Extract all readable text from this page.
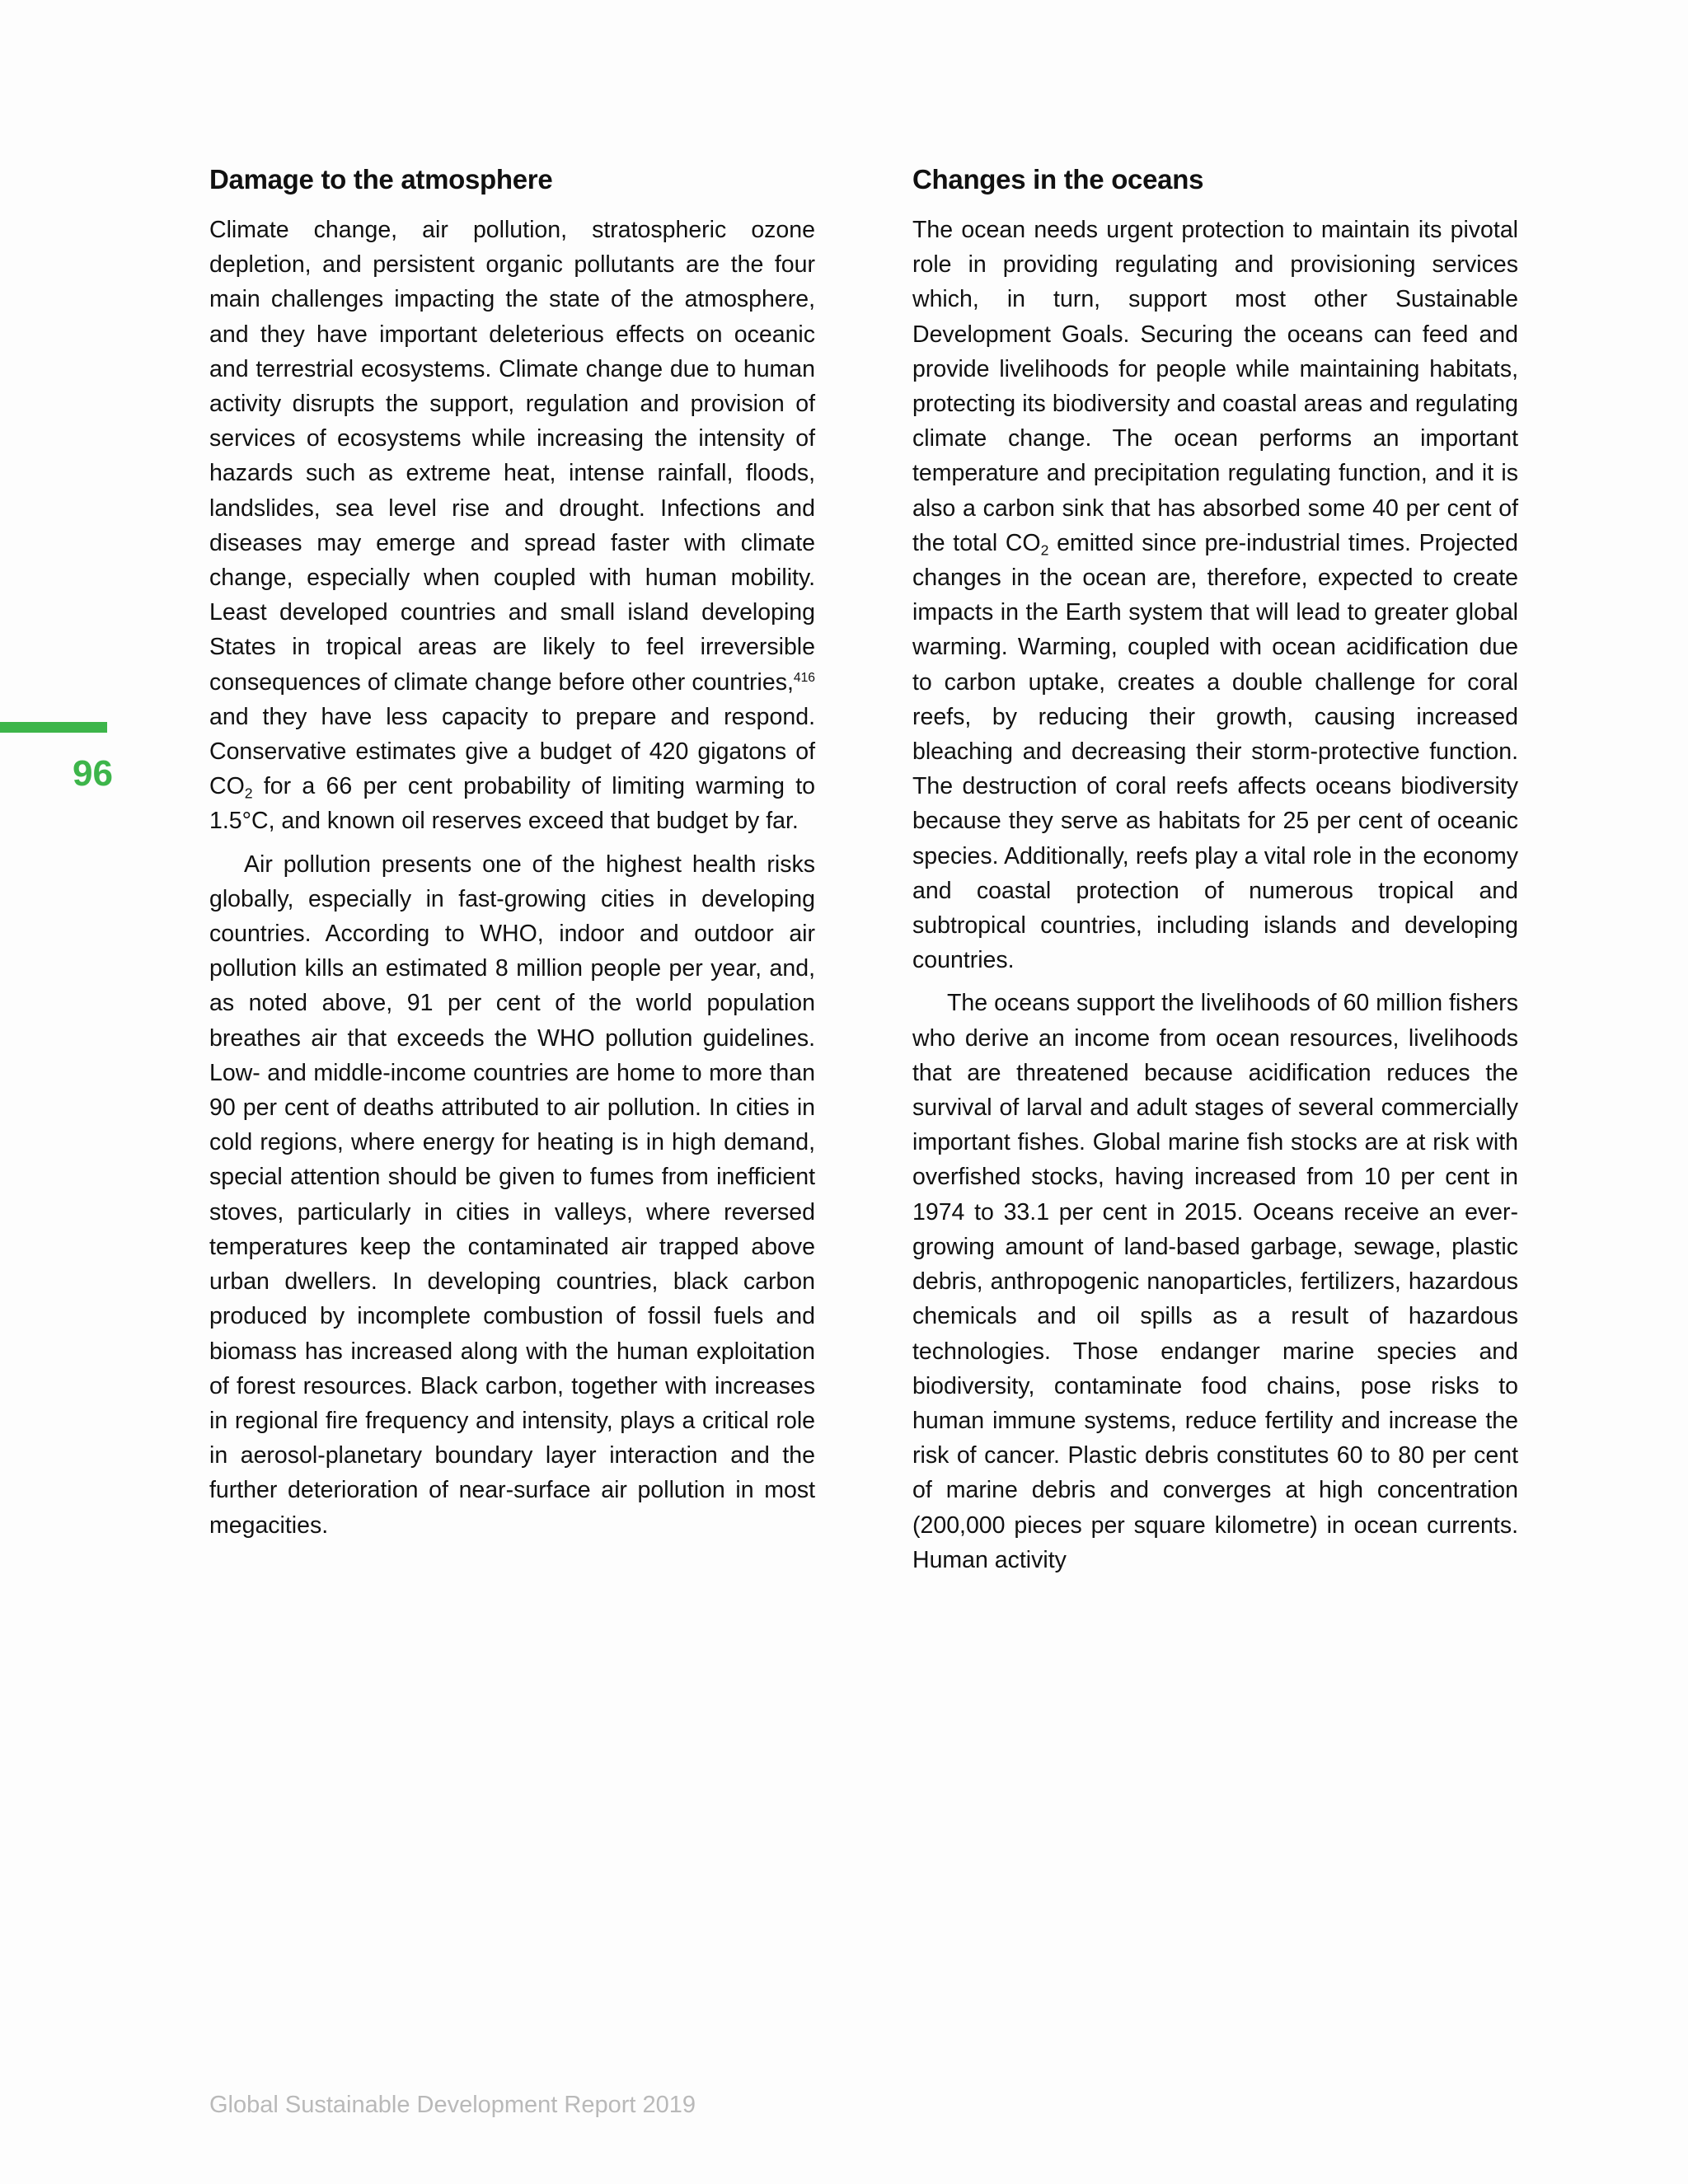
96
Damage to the atmosphere

Climate change, air pollution, stratospheric ozone depletion, and persistent organic pollutants are the four main challenges impacting the state of the atmosphere, and they have important deleterious effects on oceanic and terrestrial ecosystems. Climate change due to human activity disrupts the support, regulation and provision of services of ecosystems while increasing the intensity of hazards such as extreme heat, intense rainfall, floods, landslides, sea level rise and drought. Infections and diseases may emerge and spread faster with climate change, especially when coupled with human mobility. Least developed countries and small island developing States in tropical areas are likely to feel irreversible consequences of climate change before other countries,$^{416}$ and they have less capacity to prepare and respond. Conservative estimates give a budget of 420 gigatons of $CO_2$ for a 66 per cent probability of limiting warming to 1.5°C, and known oil reserves exceed that budget by far.

Air pollution presents one of the highest health risks globally, especially in fast-growing cities in developing countries. According to WHO, indoor and outdoor air pollution kills an estimated 8 million people per year, and, as noted above, 91 per cent of the world population breathes air that exceeds the WHO pollution guidelines. Low- and middle-income countries are home to more than 90 per cent of deaths attributed to air pollution. In cities in cold regions, where energy for heating is in high demand, special attention should be given to fumes from inefficient stoves, particularly in cities in valleys, where reversed temperatures keep the contaminated air trapped above urban dwellers. In developing countries, black carbon produced by incomplete combustion of fossil fuels and biomass has increased along with the human exploitation of forest resources. Black carbon, together with increases in regional fire frequency and intensity, plays a critical role in aerosol-planetary boundary layer interaction and the further deterioration of near-surface air pollution in most megacities.

Changes in the oceans

The ocean needs urgent protection to maintain its pivotal role in providing regulating and provisioning services which, in turn, support most other Sustainable Development Goals. Securing the oceans can feed and provide livelihoods for people while maintaining habitats, protecting its biodiversity and coastal areas and regulating climate change. The ocean performs an important temperature and precipitation regulating function, and it is also a carbon sink that has absorbed some 40 per cent of the total $CO_2$ emitted since pre-industrial times. Projected changes in the ocean are, therefore, expected to create impacts in the Earth system that will lead to greater global warming. Warming, coupled with ocean acidification due to carbon uptake, creates a double challenge for coral reefs, by reducing their growth, causing increased bleaching and decreasing their storm-protective function. The destruction of coral reefs affects oceans biodiversity because they serve as habitats for 25 per cent of oceanic species. Additionally, reefs play a vital role in the economy and coastal protection of numerous tropical and subtropical countries, including islands and developing countries.

The oceans support the livelihoods of 60 million fishers who derive an income from ocean resources, livelihoods that are threatened because acidification reduces the survival of larval and adult stages of several commercially important fishes. Global marine fish stocks are at risk with overfished stocks, having increased from 10 per cent in 1974 to 33.1 per cent in 2015. Oceans receive an ever-growing amount of land-based garbage, sewage, plastic debris, anthropogenic nanoparticles, fertilizers, hazardous chemicals and oil spills as a result of hazardous technologies. Those endanger marine species and biodiversity, contaminate food chains, pose risks to human immune systems, reduce fertility and increase the risk of cancer. Plastic debris constitutes 60 to 80 per cent of marine debris and converges at high concentration (200,000 pieces per square kilometre) in ocean currents. Human activity

Global Sustainable Development Report 2019
